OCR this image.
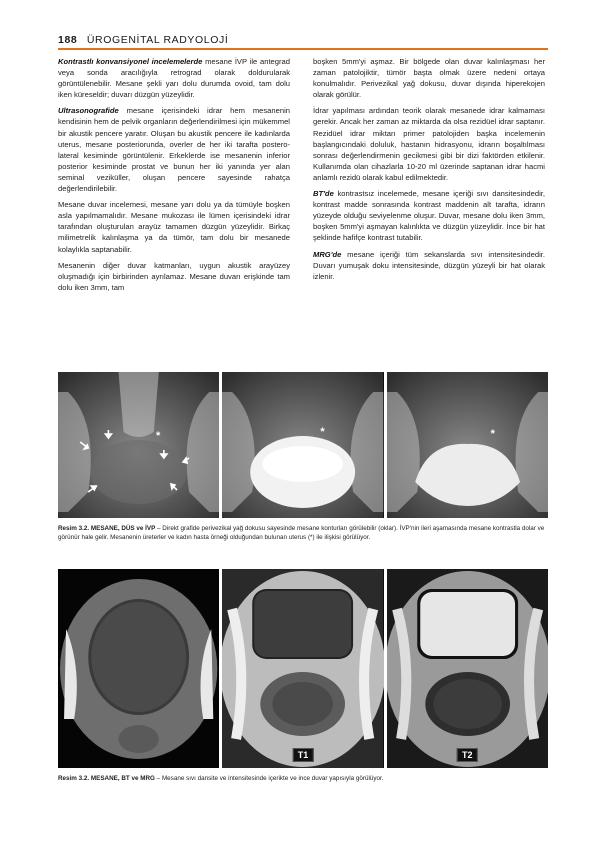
188 ÜROGENİTAL RADYOLOJİ

Kontrastlı konvansiyonel incelemelerde mesane İVP ile antegrad veya sonda aracılığıyla retrograd olarak doldurularak görüntülenebilir. Mesane şekli yarı dolu durumda ovoid, tam dolu iken küreseldir; duvarı düzgün yüzeylidir.

Ultrasonografide mesane içerisindeki idrar hem mesanenin kendisinin hem de pelvik organların değerlendirilmesi için mükemmel bir akustik pencere yaratır. Oluşan bu akustik pencere ile kadınlarda uterus, mesane posteriorunda, overler de her iki tarafta postero-lateral kesiminde görüntülenir. Erkeklerde ise mesanenin inferior posterior kesiminde prostat ve bunun her iki yanında yer alan seminal veziküller, oluşan pencere sayesinde rahatça değerlendirilebilir.

Mesane duvar incelemesi, mesane yarı dolu ya da tümüyle boşken asla yapılmamalıdır. Mesane mukozası ile lümen içerisindeki idrar tarafından oluşturulan arayüz tamamen düzgün yüzeylidir. Birkaç milimetrelik kalınlaşma ya da tümör, tam dolu bir mesanede kolaylıkla saptanabilir.

Mesanenin diğer duvar katmanları, uygun akustik arayüzey oluşmadığı için birbirinden ayrılamaz. Mesane duvarı erişkinde tam dolu iken 3mm, tam

boşken 5mm'yi aşmaz. Bir bölgede olan duvar kalınlaşması her zaman patolojiktir, tümör başta olmak üzere nedeni ortaya konulmalıdır. Perivezikal yağ dokusu, duvar dışında hiperekojen olarak görülür.

İdrar yapılması ardından teorik olarak mesanede idrar kalmaması gerekir. Ancak her zaman az miktarda da olsa rezidüel idrar saptanır. Rezidüel idrar miktarı primer patolojiden başka incelemenin başlangıcındaki doluluk, hastanın hidrasyonu, idrarın boşaltılması sonrası değerlendirmenin gecikmesi gibi bir dizi faktörden etkilenir. Kullanımda olan cihazlarla 10-20 ml üzerinde saptanan idrar hacmi anlamlı rezidü olarak kabul edilmektedir.

BT'de kontrastsız incelemede, mesane içeriği sıvı dansitesindedir, kontrast madde sonrasında kontrast maddenin alt tarafta, idrarın yüzeyde olduğu seviyelenme oluşur. Duvar, mesane dolu iken 3mm, boşken 5mm'yi aşmayan kalınlıkta ve düzgün yüzeylidir. İnce bir hat şeklinde hafifçe kontrast tutabilir.

MRG'de mesane içeriği tüm sekanslarda sıvı intensitesindedir. Duvarı yumuşak doku intensitesinde, düzgün yüzeyli bir hat olarak izlenir.

*	*	*
Resim 3.2. MESANE, DÜS ve İVP – Direkt grafide perivezikal yağ dokusu sayesinde mesane konturları görülebilir (oklar). İVP'nin ileri aşamasında mesane kontrastla dolar ve görünür hale gelir. Mesanenin üreterler ve kadın hasta örneği olduğundan bulunan uterus (*) ile ilişkisi görülüyor.
T1	T2
Resim 3.2. MESANE, BT ve MRG – Mesane sıvı dansite ve intensitesinde içerikte ve ince duvar yapısıyla görülüyor.
